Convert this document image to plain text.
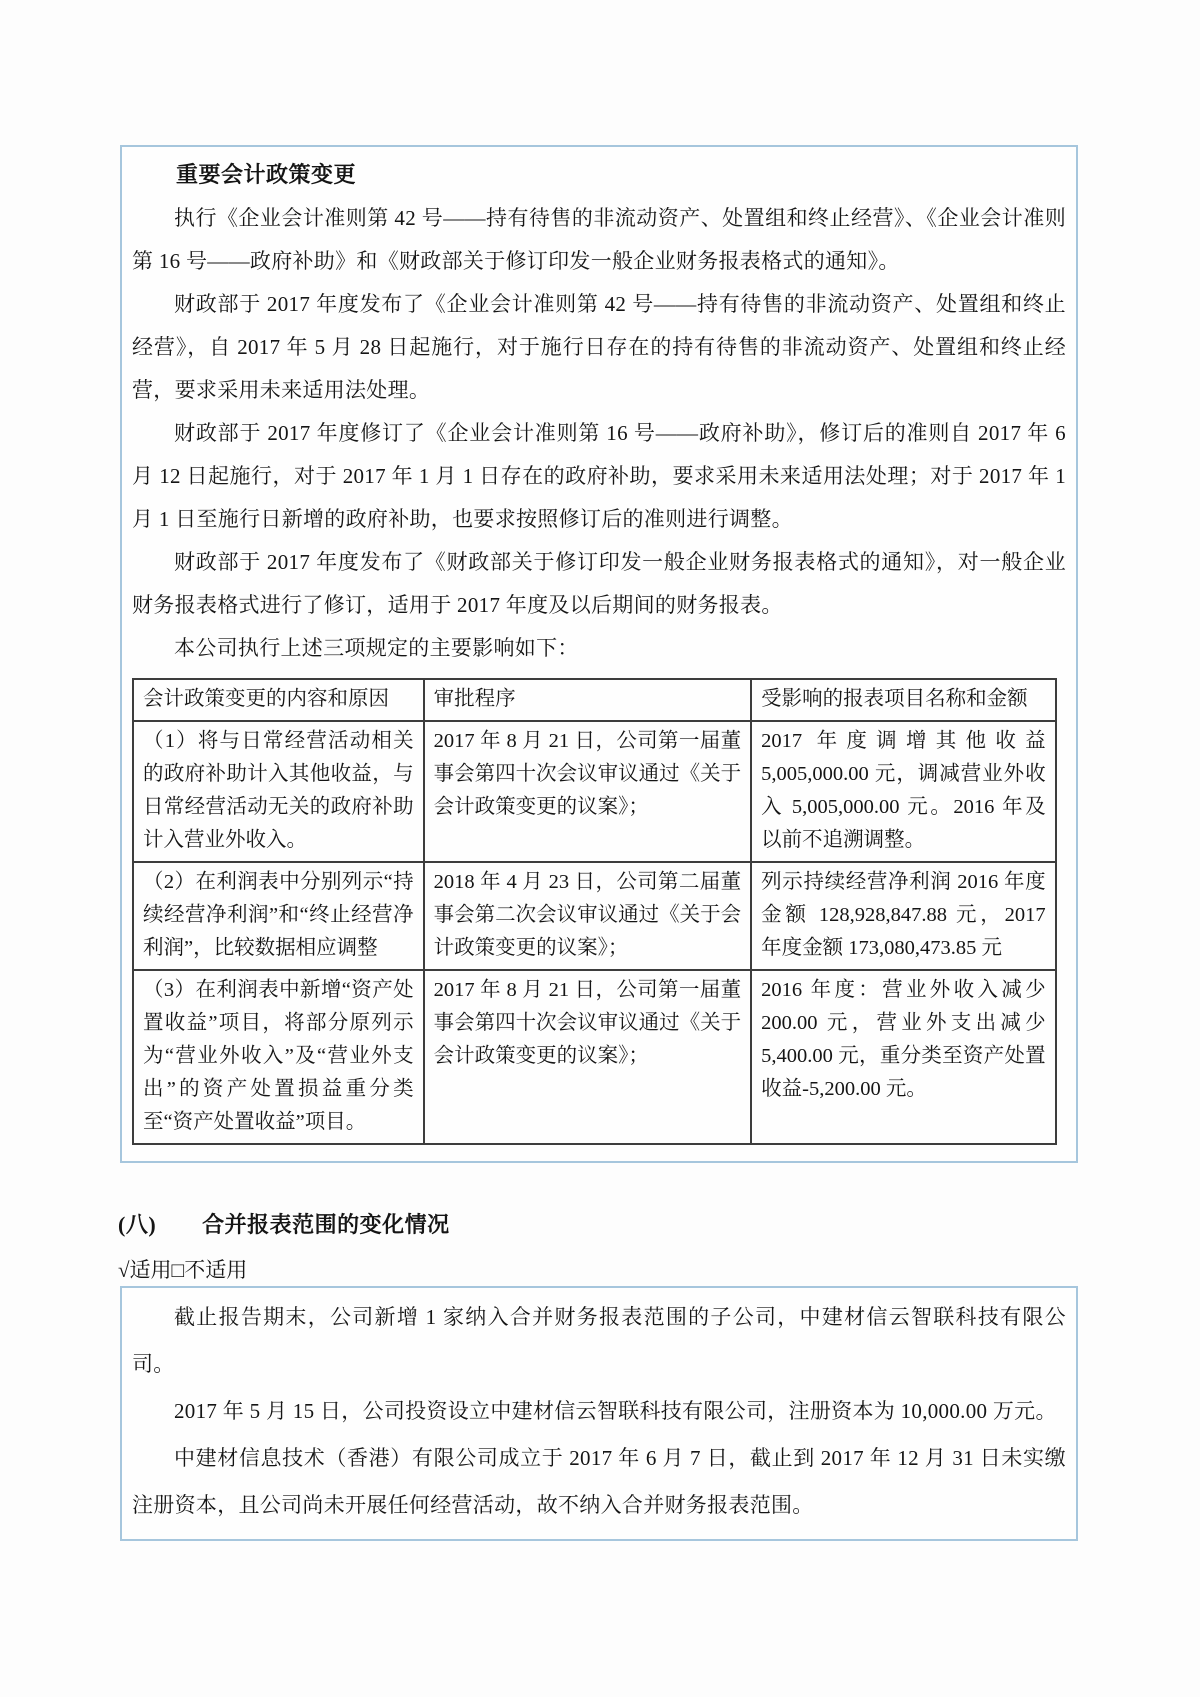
重要会计政策变更

执行《企业会计准则第 42 号——持有待售的非流动资产、处置组和终止经营》、《企业会计准则第 16 号——政府补助》和《财政部关于修订印发一般企业财务报表格式的通知》。

财政部于 2017 年度发布了《企业会计准则第 42 号——持有待售的非流动资产、处置组和终止经营》，自 2017 年 5 月 28 日起施行，对于施行日存在的持有待售的非流动资产、处置组和终止经营，要求采用未来适用法处理。

财政部于 2017 年度修订了《企业会计准则第 16 号——政府补助》，修订后的准则自 2017 年 6 月 12 日起施行，对于 2017 年 1 月 1 日存在的政府补助，要求采用未来适用法处理；对于 2017 年 1 月 1 日至施行日新增的政府补助，也要求按照修订后的准则进行调整。

财政部于 2017 年度发布了《财政部关于修订印发一般企业财务报表格式的通知》，对一般企业财务报表格式进行了修订，适用于 2017 年度及以后期间的财务报表。

本公司执行上述三项规定的主要影响如下：

会计政策变更的内容和原因	审批程序	受影响的报表项目名称和金额
（1）将与日常经营活动相关的政府补助计入其他收益，与日常经营活动无关的政府补助计入营业外收入。	2017 年 8 月 21 日，公司第一届董事会第四十次会议审议通过《关于会计政策变更的议案》；	2017 年度调增其他收益 5,005,000.00 元，调减营业外收入 5,005,000.00 元。2016 年及以前不追溯调整。
（2）在利润表中分别列示“持续经营净利润”和“终止经营净利润”，比较数据相应调整	2018 年 4 月 23 日，公司第二届董事会第二次会议审议通过《关于会计政策变更的议案》；	列示持续经营净利润 2016 年度金额 128,928,847.88 元，2017 年度金额 173,080,473.85 元
（3）在利润表中新增“资产处置收益”项目，将部分原列示为“营业外收入”及“营业外支出”的资产处置损益重分类至“资产处置收益”项目。	2017 年 8 月 21 日，公司第一届董事会第四十次会议审议通过《关于会计政策变更的议案》；	2016 年度：营业外收入减少 200.00 元，营业外支出减少 5,400.00 元，重分类至资产处置收益-5,200.00 元。
(八) 合并报表范围的变化情况
√适用□不适用

截止报告期末，公司新增 1 家纳入合并财务报表范围的子公司，中建材信云智联科技有限公司。

2017 年 5 月 15 日，公司投资设立中建材信云智联科技有限公司，注册资本为 10,000.00 万元。

中建材信息技术（香港）有限公司成立于 2017 年 6 月 7 日，截止到 2017 年 12 月 31 日未实缴注册资本，且公司尚未开展任何经营活动，故不纳入合并财务报表范围。
